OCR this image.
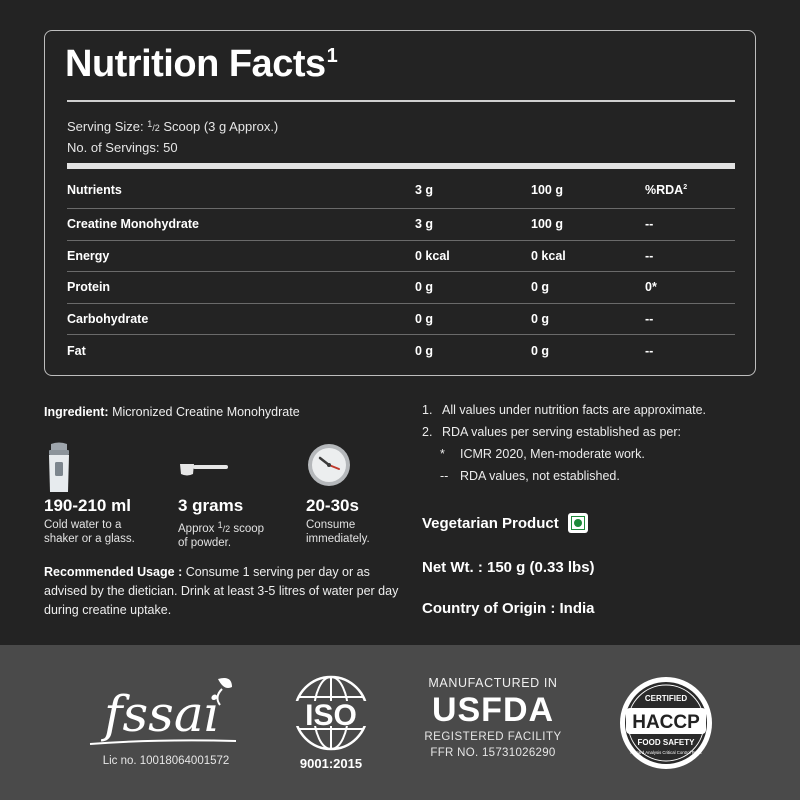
Nutrition Facts$^1$
Serving Size: 1/2 Scoop (3 g Approx.)
No. of Servings: 50
Nutrients	3 g	100 g	%RDA$^2$
Creatine Monohydrate	3 g	100 g	--
Energy	0 kcal	0 kcal	--
Protein	0 g	0 g	0*
Carbohydrate	0 g	0 g	--
Fat	0 g	0 g	--
Ingredient: Micronized Creatine Monohydrate
190-210 ml
Cold water to a
shaker or a glass.
3 grams
Approx 1/2 scoop
of powder.
20-30s
Consume
immediately.
Recommended Usage : Consume 1 serving per day or as advised by the dietician. Drink at least 3-5 litres of water per day during creatine uptake.
1. All values under nutrition facts are approximate.
2. RDA values per serving established as per:
* ICMR 2020, Men-moderate work.
-- RDA values, not established.
Vegetarian Product
Net Wt. : 150 g (0.33 lbs)
Country of Origin : India
fssai
Lic no. 10018064001572
ISO
9001:2015
MANUFACTURED IN
USFDA
REGISTERED FACILITY
FFR NO. 15731026290
CERTIFIED
HACCP
FOOD SAFETY
Hazard Analysis Critical Control Point
